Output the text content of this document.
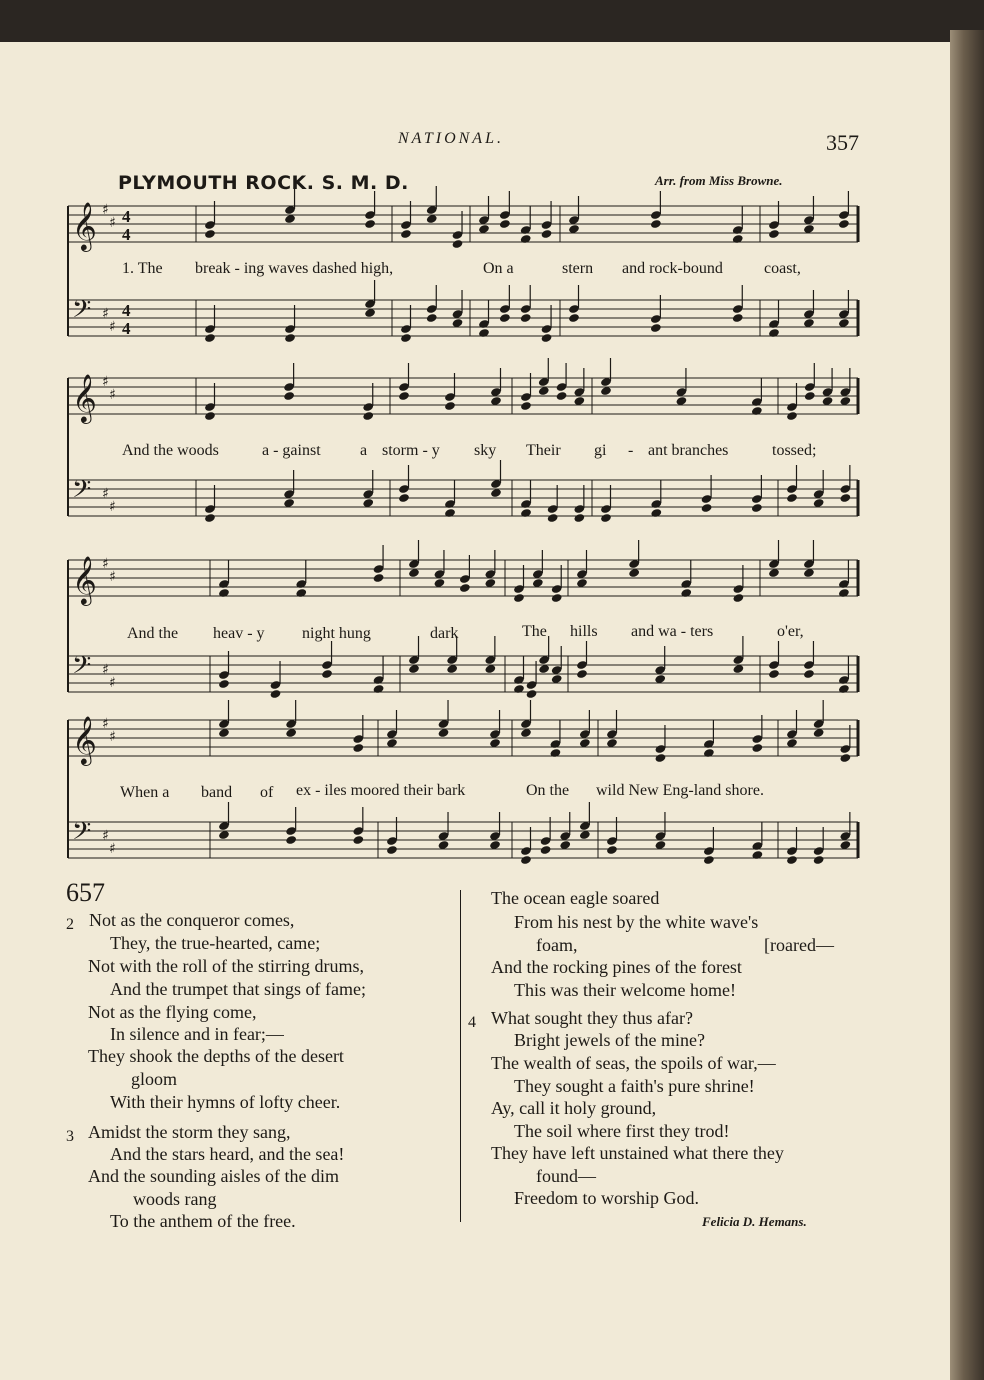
NATIONAL.	357

PLYMOUTH ROCK. S. M. D.	Arr. from Miss Browne.

𝄞 ♯
♯ 4
4
𝄢 ♯
♯
4
4
𝄞 ♯
♯
𝄢 ♯
♯
𝄞 ♯
♯
𝄢 ♯
♯
𝄞 ♯
♯
𝄢 ♯
♯
1. The break - ing waves dashed high,	On a	stern and rock-bound	coast,
And the woods	a - gainst a storm - y sky Their gi - ant branches	tossed;
And the heav - y night hung	dark	The hills and wa - ters	o'er,
When a band of ex - iles moored their bark	On the wild New Eng-land shore.

657

2 Not as the conqueror comes,
They, the true-hearted, came;
Not with the roll of the stirring drums,
And the trumpet that sings of fame;
Not as the flying come,
In silence and in fear;—
They shook the depths of the desert
gloom
With their hymns of lofty cheer.
3 Amidst the storm they sang,
And the stars heard, and the sea!
And the sounding aisles of the dim
woods rang
To the anthem of the free.
The ocean eagle soared
From his nest by the white wave's
foam,	[roared—
And the rocking pines of the forest
This was their welcome home!
4 What sought they thus afar?
Bright jewels of the mine?
The wealth of seas, the spoils of war,—
They sought a faith's pure shrine!
Ay, call it holy ground,
The soil where first they trod!
They have left unstained what there they
found—
Freedom to worship God.

Felicia D. Hemans.
